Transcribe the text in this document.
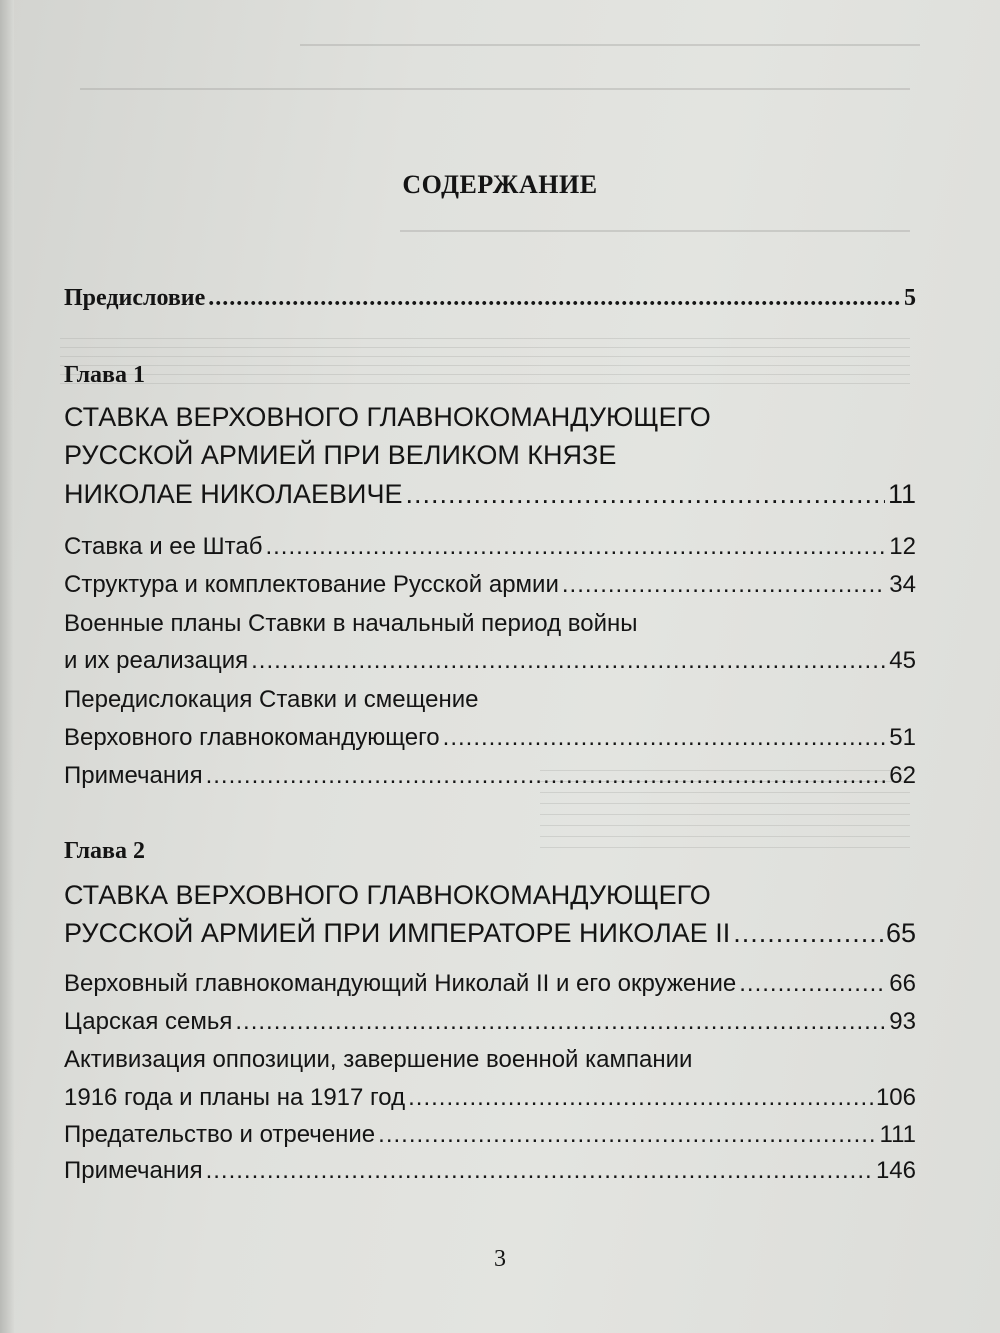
СОДЕРЖАНИЕ
Предисловие .....	5
Глава 1
СТАВКА ВЕРХОВНОГО ГЛАВНОКОМАНДУЮЩЕГО
РУССКОЙ АРМИЕЙ ПРИ ВЕЛИКОМ КНЯЗЕ
НИКОЛАЕ НИКОЛАЕВИЧЕ .....	11
Ставка и ее Штаб .....	12
Структура и комплектование Русской армии .....	34
Военные планы Ставки в начальный период войны
и их реализация .....	45
Передислокация Ставки и смещение
Верховного главнокомандующего .....	51
Примечания .....	62
Глава 2
СТАВКА ВЕРХОВНОГО ГЛАВНОКОМАНДУЮЩЕГО
РУССКОЙ АРМИЕЙ ПРИ ИМПЕРАТОРЕ НИКОЛАЕ II .....	65
Верховный главнокомандующий Николай II и его окружение .....	66
Царская семья .....	93
Активизация оппозиции, завершение военной кампании
1916 года и планы на 1917 год .....	106
Предательство и отречение .....	111
Примечания .....	146
3
